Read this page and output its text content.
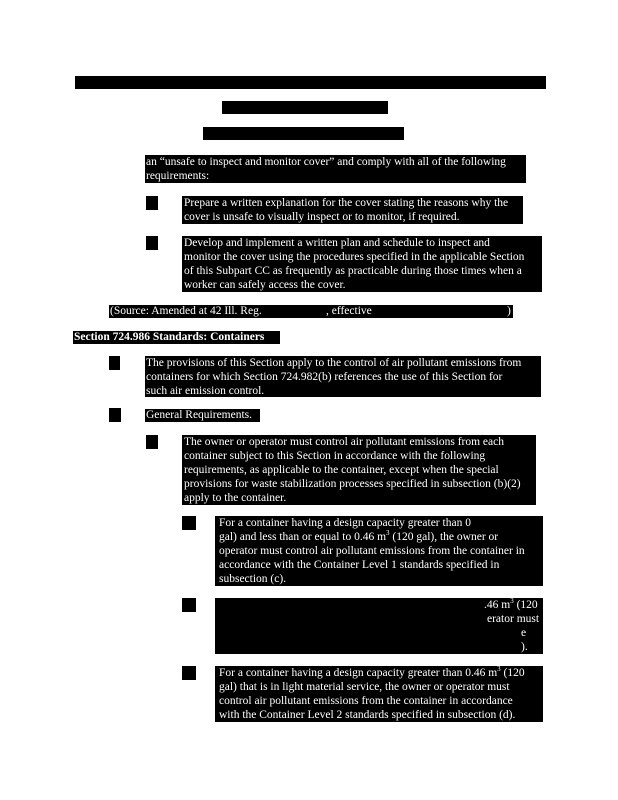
ILLINOIS REGISTER
POLLUTION CONTROL BOARD
NOTICE OF ADOPTED AMENDMENTS
an “unsafe to inspect and monitor cover” and comply with all of the following
requirements:
1) Prepare a written explanation for the cover stating the reasons why the
cover is unsafe to visually inspect or to monitor, if required.
2) Develop and implement a written plan and schedule to inspect and
monitor the cover using the procedures specified in the applicable Section
of this Subpart CC as frequently as practicable during those times when a
worker can safely access the cover.
(Source: Amended at 42 Ill. Reg.	, effective	)
Section 724.986 Standards: Containers
a) The provisions of this Section apply to the control of air pollutant emissions from
containers for which Section 724.982(b) references the use of this Section for
such air emission control.
b) General Requirements.
1) The owner or operator must control air pollutant emissions from each
container subject to this Section in accordance with the following
requirements, as applicable to the container, except when the special
provisions for waste stabilization processes specified in subsection (b)(2)
apply to the container.
A) For a container having a design capacity greater than 0
gal) and less than or equal to 0.46 $m^3$ (120 gal), the owner or
operator must control air pollutant emissions from the container in
accordance with the Container Level 1 standards specified in
subsection (c).
B)	.46 $m^3$ (120
erator must
e
).
C) For a container having a design capacity greater than 0.46 $m^3$ (120
gal) that is in light material service, the owner or operator must
control air pollutant emissions from the container in accordance
with the Container Level 2 standards specified in subsection (d).
